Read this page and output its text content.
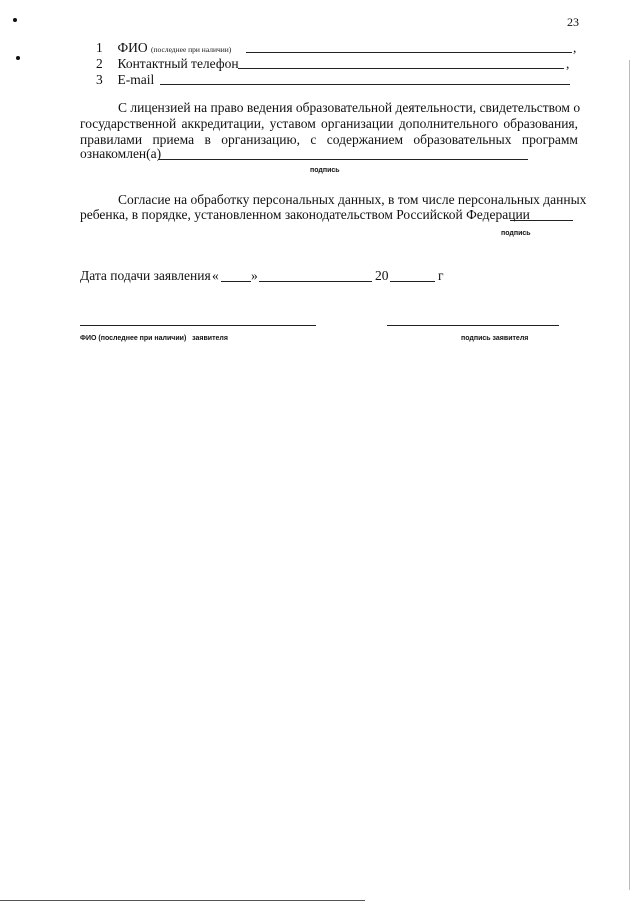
23
1 ФИО (последнее при наличии)	,
2 Контактный телефон	,
3 E-mail
С лицензией на право ведения образовательной деятельности, свидетельством о
государственной аккредитации, уставом организации дополнительного образования,
правилами приема в организацию, с содержанием образовательных программ
ознакомлен(а)
подпись
Согласие на обработку персональных данных, в том числе персональных данных
ребенка, в порядке, установленном законодательством Российской Федерации
подпись
Дата подачи заявления « »	20	г
ФИО (последнее при наличии)   заявителя	подпись заявителя
